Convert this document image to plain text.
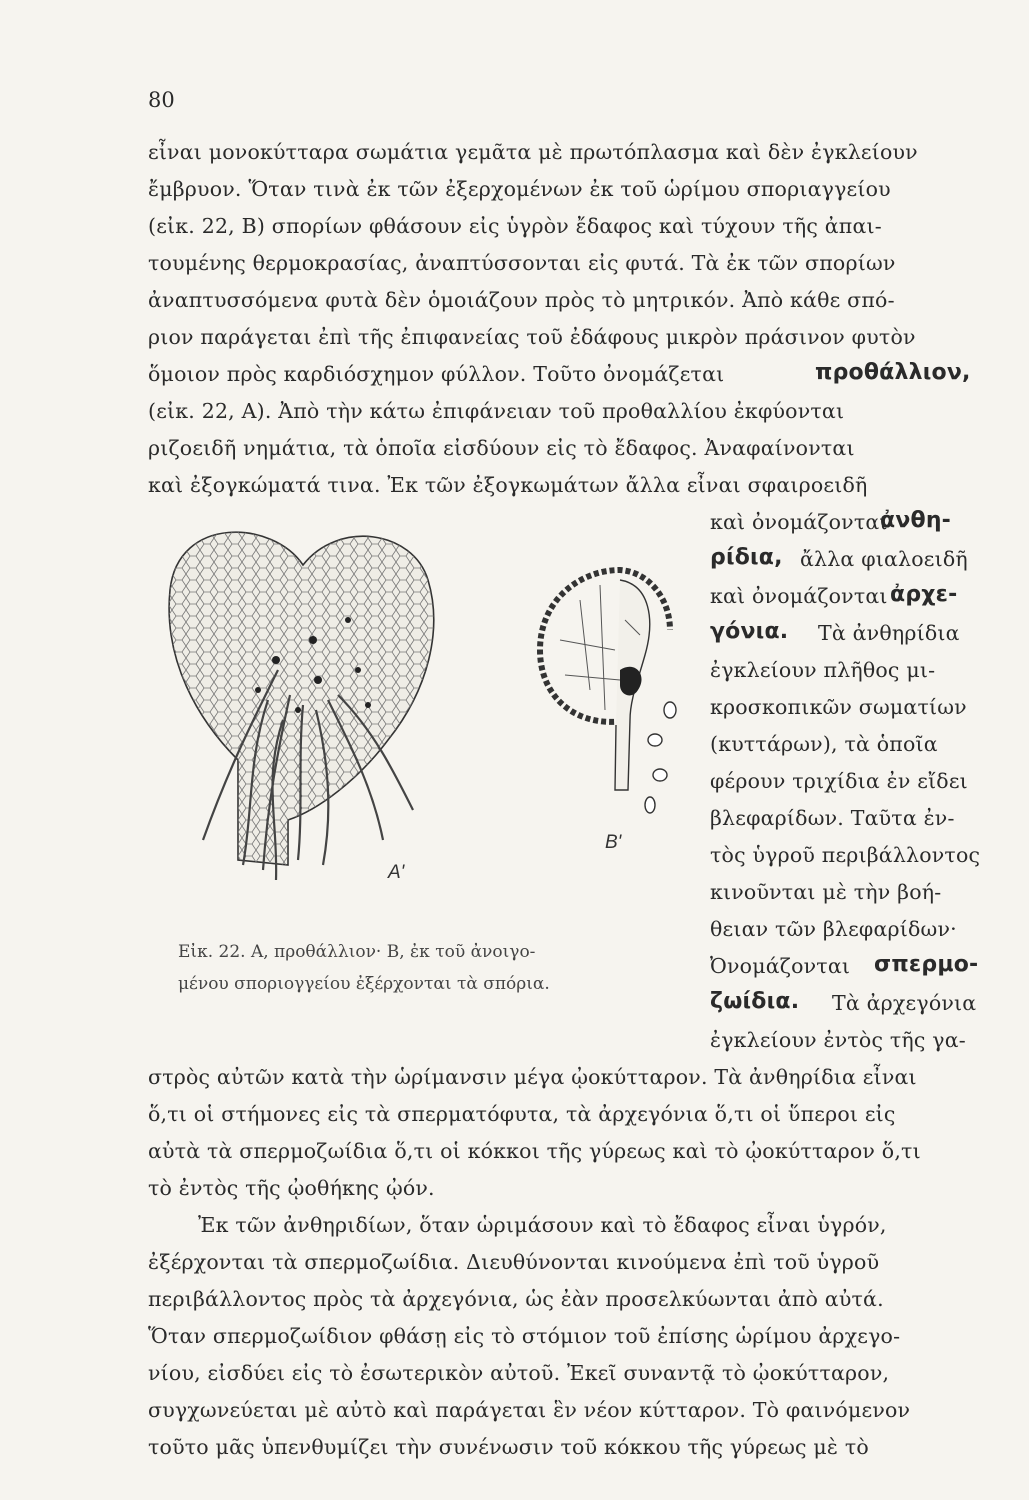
80
εἶναι μονοκύτταρα σωμάτια γεμᾶτα μὲ πρωτόπλασμα καὶ δὲν ἐγκλείουν
ἔμβρυον. Ὅταν τινὰ ἐκ τῶν ἐξερχομένων ἐκ τοῦ ὡρίμου σποριαγγείου
(εἰκ. 22, B) σπορίων φθάσουν εἰς ὑγρὸν ἔδαφος καὶ τύχουν τῆς ἀπαι-
τουμένης θερμοκρασίας, ἀναπτύσσονται εἰς φυτά. Τὰ ἐκ τῶν σπορίων
ἀναπτυσσόμενα φυτὰ δὲν ὁμοιάζουν πρὸς τὸ μητρικόν. Ἀπὸ κάθε σπό-
ριον παράγεται ἐπὶ τῆς ἐπιφανείας τοῦ ἐδάφους μικρὸν πράσινον φυτὸν
ὅμοιον πρὸς καρδιόσχημον φύλλον. Τοῦτο ὀνομάζεται	προθάλλιον,
(εἰκ. 22, A). Ἀπὸ τὴν κάτω ἐπιφάνειαν τοῦ προθαλλίου ἐκφύονται
ριζοειδῆ νημάτια, τὰ ὁποῖα εἰσδύουν εἰς τὸ ἔδαφος. Ἀναφαίνονται
καὶ ἐξογκώματά τινα. Ἐκ τῶν ἐξογκωμάτων ἄλλα εἶναι σφαιροειδῆ
καὶ ὀνομάζονται
ἀνθη-
ρίδια, ἄλλα φιαλοειδῆ
καὶ ὀνομάζονται ἀρχε-
γόνια. Τὰ ἀνθηρίδια
ἐγκλείουν πλῆθος μι-
κροσκοπικῶν σωματίων
(κυττάρων), τὰ ὁποῖα
φέρουν τριχίδια ἐν εἴδει
βλεφαρίδων. Ταῦτα ἐν-
τὸς ὑγροῦ περιβάλλοντος
κινοῦνται μὲ τὴν βοή-
θειαν τῶν βλεφαρίδων·
Ὀνομάζονται σπερμο-
ζωίδια. Τὰ ἀρχεγόνια
ἐγκλείουν ἐντὸς τῆς γα-
A'
B'
Εἰκ. 22. A, προθάλλιον· B, ἐκ τοῦ ἀνοιγο-
μένου σποριογγείου ἐξέρχονται τὰ σπόρια.
στρὸς αὐτῶν κατὰ τὴν ὡρίμανσιν μέγα ᾠοκύτταρον. Τὰ ἀνθηρίδια εἶναι
ὅ,τι οἱ στήμονες εἰς τὰ σπερματόφυτα, τὰ ἀρχεγόνια ὅ,τι οἱ ὕπεροι εἰς
αὐτὰ τὰ σπερμοζωίδια ὅ,τι οἱ κόκκοι τῆς γύρεως καὶ τὸ ᾠοκύτταρον ὅ,τι
τὸ ἐντὸς τῆς ᾠοθήκης ᾠόν.
Ἐκ τῶν ἀνθηριδίων, ὅταν ὡριμάσουν καὶ τὸ ἔδαφος εἶναι ὑγρόν,
ἐξέρχονται τὰ σπερμοζωίδια. Διευθύνονται κινούμενα ἐπὶ τοῦ ὑγροῦ
περιβάλλοντος πρὸς τὰ ἀρχεγόνια, ὡς ἐὰν προσελκύωνται ἀπὸ αὐτά.
Ὅταν σπερμοζωίδιον φθάσῃ εἰς τὸ στόμιον τοῦ ἐπίσης ὡρίμου ἀρχεγο-
νίου, εἰσδύει εἰς τὸ ἐσωτερικὸν αὐτοῦ. Ἐκεῖ συναντᾷ τὸ ᾠοκύτταρον,
συγχωνεύεται μὲ αὐτὸ καὶ παράγεται ἓν νέον κύτταρον. Τὸ φαινόμενον
τοῦτο μᾶς ὑπενθυμίζει τὴν συνένωσιν τοῦ κόκκου τῆς γύρεως μὲ τὸ
